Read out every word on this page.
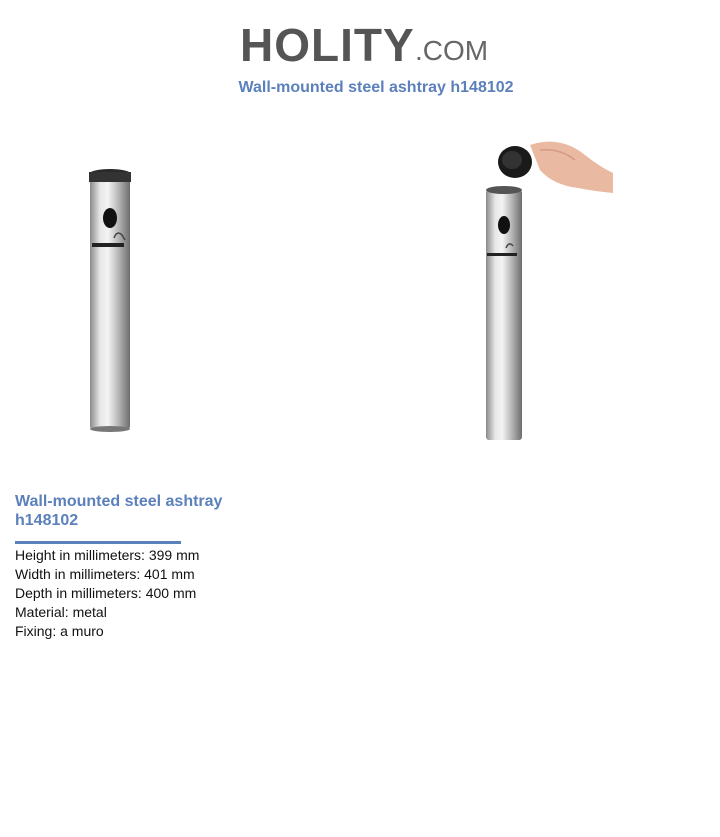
HOLITY .COM
Wall-mounted steel ashtray h148102
Wall-mounted steel ashtray
h148102
Height in millimeters: 399 mm
Width in millimeters: 401 mm
Depth in millimeters: 400 mm
Material: metal
Fixing: a muro
